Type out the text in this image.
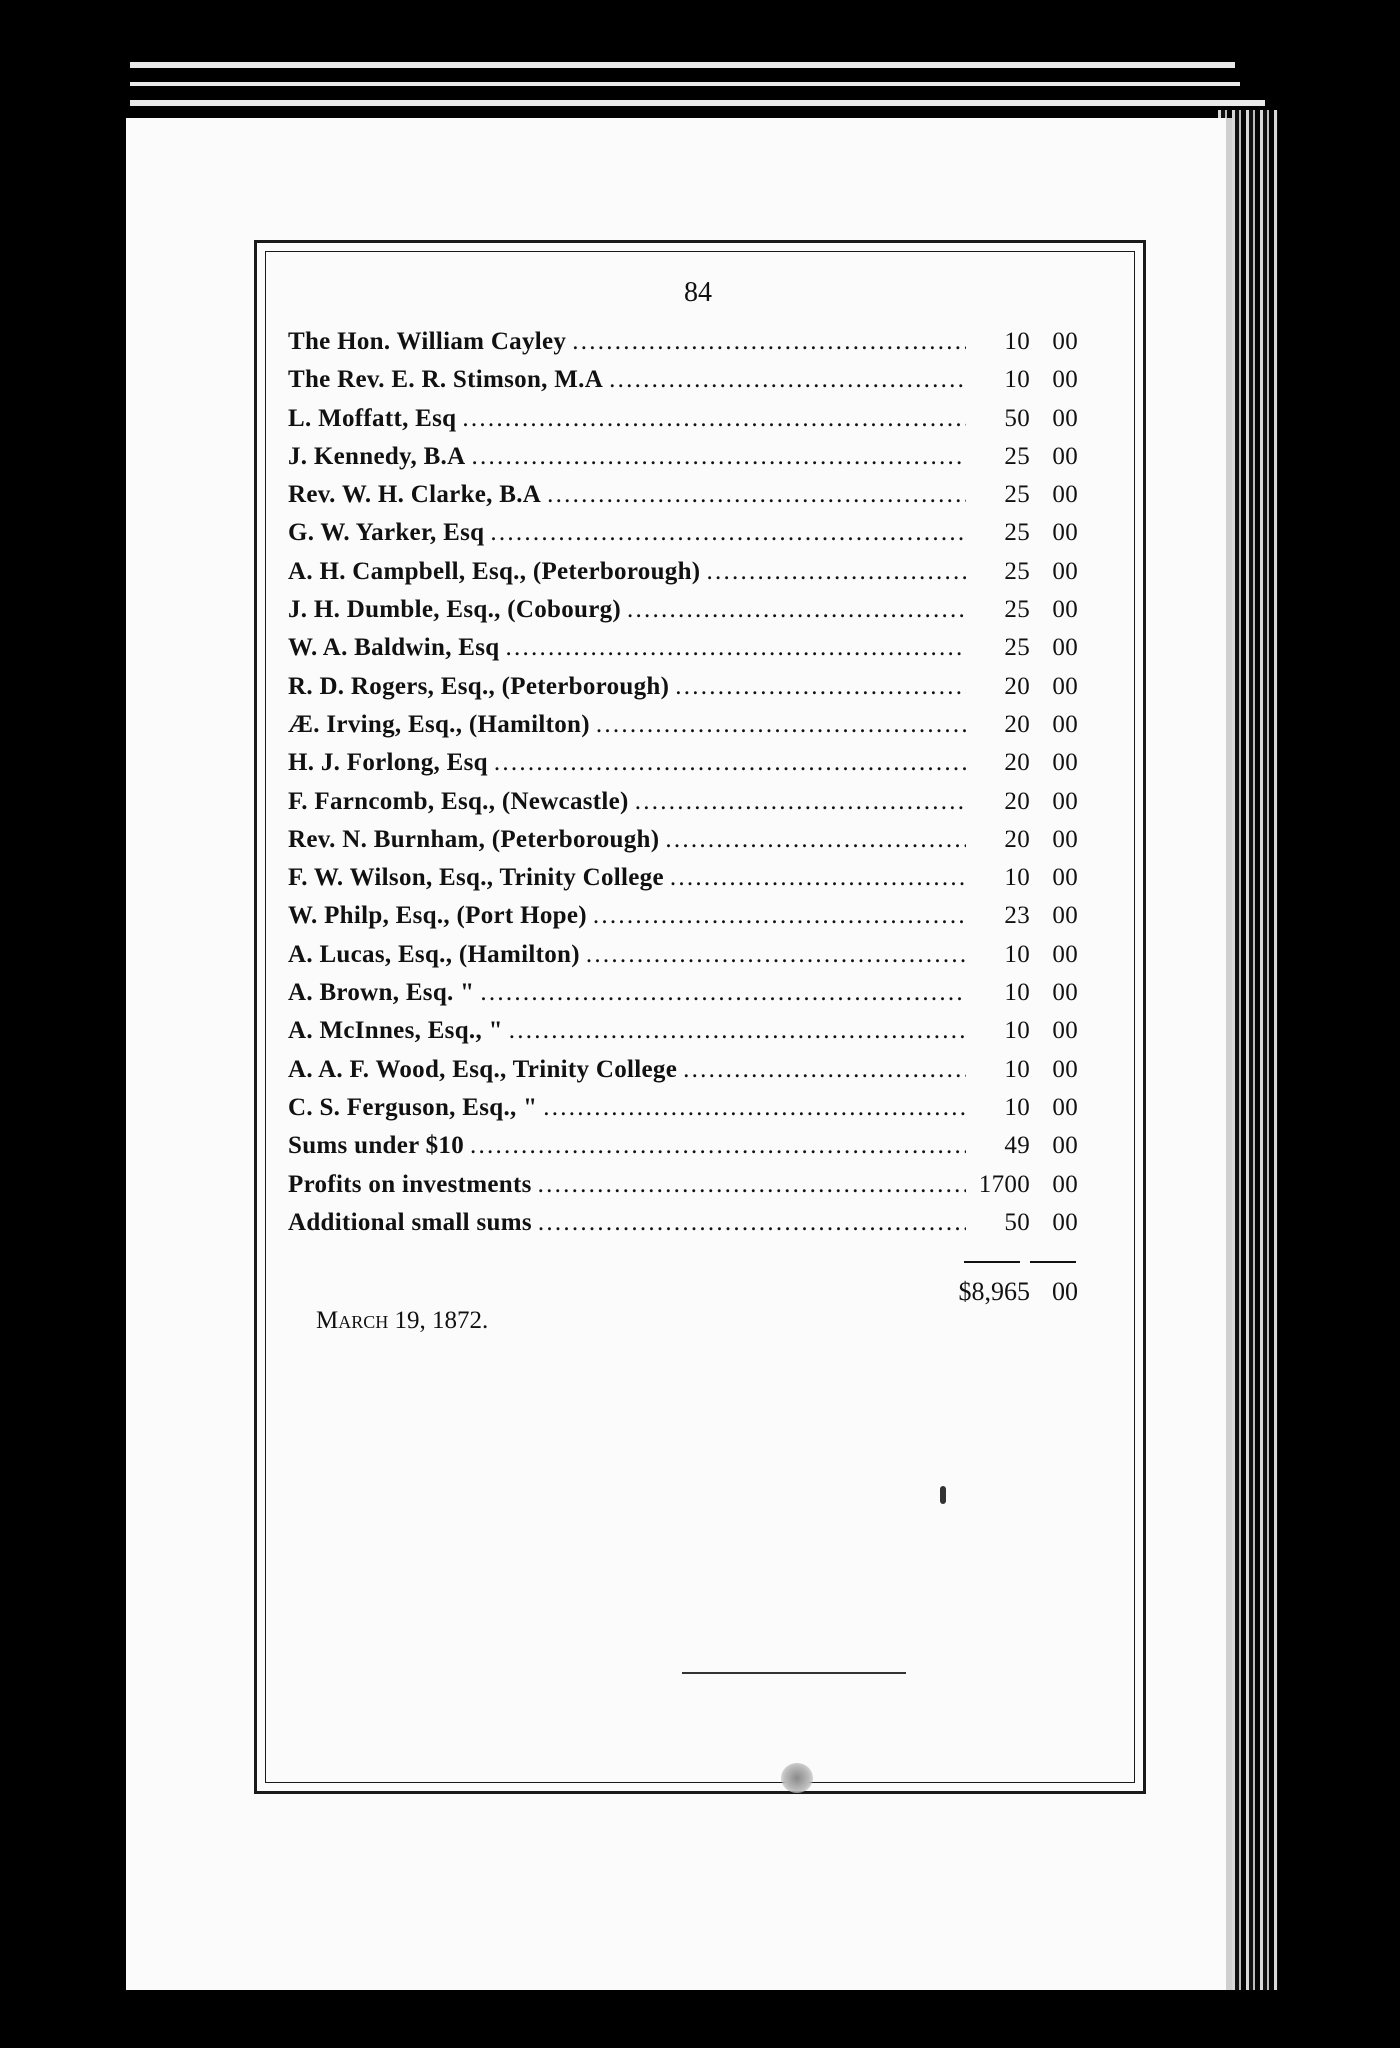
84
The Hon. William Cayley . . .	10 00
The Rev. E. R. Stimson, M.A . . .	10 00
L. Moffatt, Esq . . .	50 00
J. Kennedy, B.A . . .	25 00
Rev. W. H. Clarke, B.A . . .	25 00
G. W. Yarker, Esq . . .	25 00
A. H. Campbell, Esq., (Peterborough) . . .	25 00
J. H. Dumble, Esq., (Cobourg) . . .	25 00
W. A. Baldwin, Esq . . .	25 00
R. D. Rogers, Esq., (Peterborough) . . .	20 00
Æ. Irving, Esq., (Hamilton) . . .	20 00
H. J. Forlong, Esq . . .	20 00
F. Farncomb, Esq., (Newcastle) . . .	20 00
Rev. N. Burnham, (Peterborough) . . .	20 00
F. W. Wilson, Esq., Trinity College . . .	10 00
W. Philp, Esq., (Port Hope) . . .	23 00
A. Lucas, Esq., (Hamilton) . . .	10 00
A. Brown, Esq. " . . .	10 00
A. McInnes, Esq., " . . .	10 00
A. A. F. Wood, Esq., Trinity College . . .	10 00
C. S. Ferguson, Esq., " . . .	10 00
Sums under $10 . . .	49 00
Profits on investments . . .	1700 00
Additional small sums . . .	50 00
$8,965 00
March 19, 1872.
